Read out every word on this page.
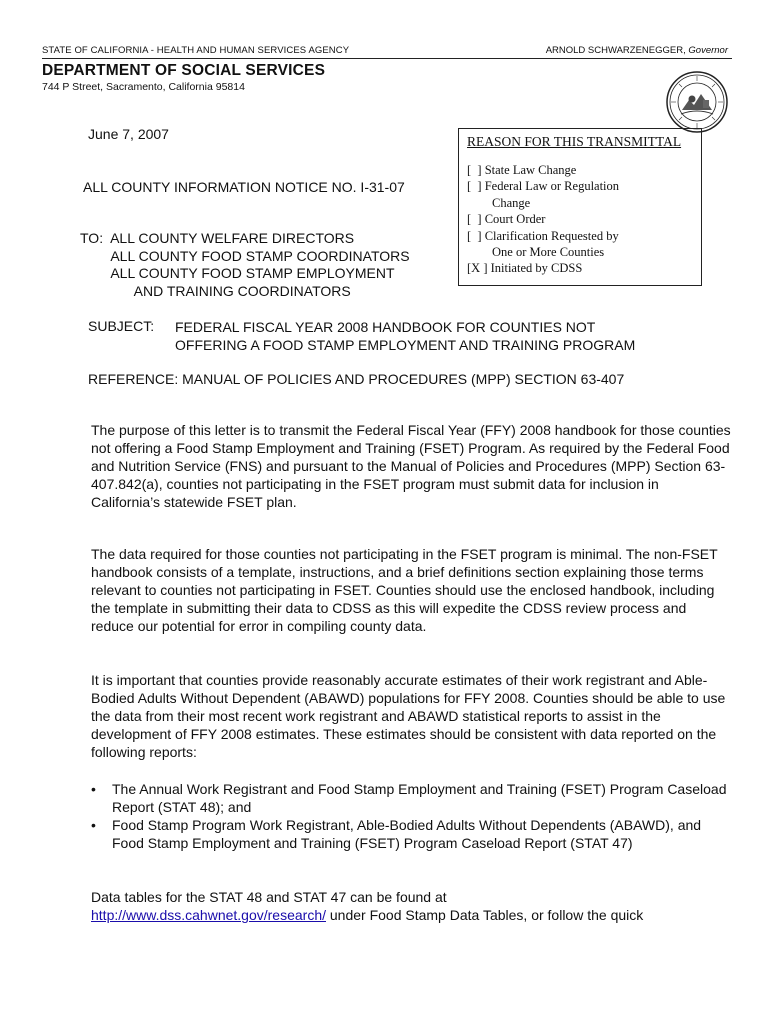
STATE OF CALIFORNIA - HEALTH AND HUMAN SERVICES AGENCY	ARNOLD SCHWARZENEGGER, Governor
DEPARTMENT OF SOCIAL SERVICES
744 P Street, Sacramento, California 95814
June 7, 2007
ALL COUNTY INFORMATION NOTICE NO. I-31-07
TO:  ALL COUNTY WELFARE DIRECTORS
ALL COUNTY FOOD STAMP COORDINATORS
ALL COUNTY FOOD STAMP EMPLOYMENT
AND TRAINING COORDINATORS
REASON FOR THIS TRANSMITTAL
[  ] State Law Change
[  ] Federal Law or Regulation
Change
[  ] Court Order
[  ] Clarification Requested by
One or More Counties
[X ] Initiated by CDSS
SUBJECT: FEDERAL FISCAL YEAR 2008 HANDBOOK FOR COUNTIES NOT
OFFERING A FOOD STAMP EMPLOYMENT AND TRAINING PROGRAM
REFERENCE: MANUAL OF POLICIES AND PROCEDURES (MPP) SECTION 63-407
The purpose of this letter is to transmit the Federal Fiscal Year (FFY) 2008 handbook for those counties not offering a Food Stamp Employment and Training (FSET) Program. As required by the Federal Food and Nutrition Service (FNS) and pursuant to the Manual of Policies and Procedures (MPP) Section 63-407.842(a), counties not participating in the FSET program must submit data for inclusion in California’s statewide FSET plan.
The data required for those counties not participating in the FSET program is minimal. The non-FSET handbook consists of a template, instructions, and a brief definitions section explaining those terms relevant to counties not participating in FSET. Counties should use the enclosed handbook, including the template in submitting their data to CDSS as this will expedite the CDSS review process and reduce our potential for error in compiling county data.
It is important that counties provide reasonably accurate estimates of their work registrant and Able-Bodied Adults Without Dependent (ABAWD) populations for FFY 2008. Counties should be able to use the data from their most recent work registrant and ABAWD statistical reports to assist in the development of FFY 2008 estimates. These estimates should be consistent with data reported on the following reports:
• The Annual Work Registrant and Food Stamp Employment and Training (FSET) Program Caseload Report (STAT 48); and
• Food Stamp Program Work Registrant, Able-Bodied Adults Without Dependents (ABAWD), and Food Stamp Employment and Training (FSET) Program Caseload Report (STAT 47)
Data tables for the STAT 48 and STAT 47 can be found at
http://www.dss.cahwnet.gov/research/ under Food Stamp Data Tables, or follow the quick
